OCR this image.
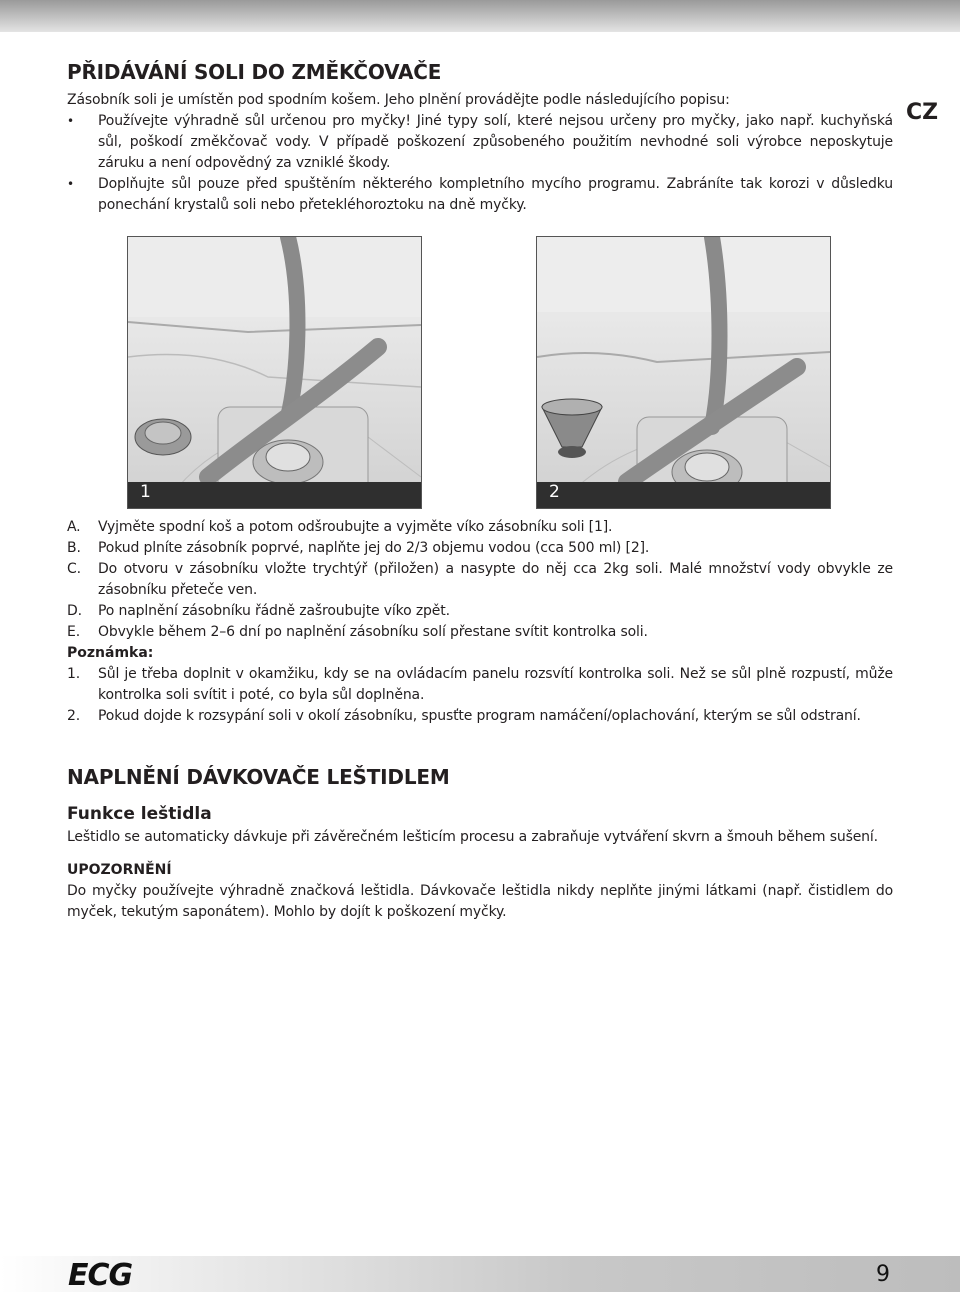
CZ
PŘIDÁVÁNÍ SOLI DO ZMĚKČOVAČE

Zásobník soli je umístěn pod spodním košem. Jeho plnění provádějte podle následujícího popisu:

• Používejte výhradně sůl určenou pro myčky! Jiné typy solí, které nejsou určeny pro myčky, jako např. kuchyňská sůl, poškodí změkčovač vody. V případě poškození způsobeného použitím nevhodné soli výrobce neposkytuje záruku a není odpovědný za vzniklé škody.
• Doplňujte sůl pouze před spuštěním některého kompletního mycího programu. Zabráníte tak korozi v důsledku ponechání krystalů soli nebo přetekléhoroztoku na dně myčky.
1	2
A.	Vyjměte spodní koš a potom odšroubujte a vyjměte víko zásobníku soli [1].
B.	Pokud plníte zásobník poprvé, naplňte jej do 2/3 objemu vodou (cca 500 ml) [2].
C.	Do otvoru v zásobníku vložte trychtýř (přiložen) a nasypte do něj cca 2kg soli. Malé množství vody obvykle ze zásobníku přeteče ven.
D.	Po naplnění zásobníku řádně zašroubujte víko zpět.
E.	Obvykle během 2–6 dní po naplnění zásobníku solí přestane svítit kontrolka soli.
Poznámka:
1.	Sůl je třeba doplnit v okamžiku, kdy se na ovládacím panelu rozsvítí kontrolka soli. Než se sůl plně rozpustí, může kontrolka soli svítit i poté, co byla sůl doplněna.
2.	Pokud dojde k rozsypání soli v okolí zásobníku, spusťte program namáčení/oplachování, kterým se sůl odstraní.
NAPLNĚNÍ DÁVKOVAČE LEŠTIDLEM
Funkce leštidla

Leštidlo se automaticky dávkuje při závěrečném lešticím procesu a zabraňuje vytváření skvrn a šmouh během sušení.

UPOZORNĚNÍ

Do myčky používejte výhradně značková leštidla. Dávkovače leštidla nikdy neplňte jinými látkami (např. čistidlem do myček, tekutým saponátem). Mohlo by dojít k poškození myčky.

ECG	9
